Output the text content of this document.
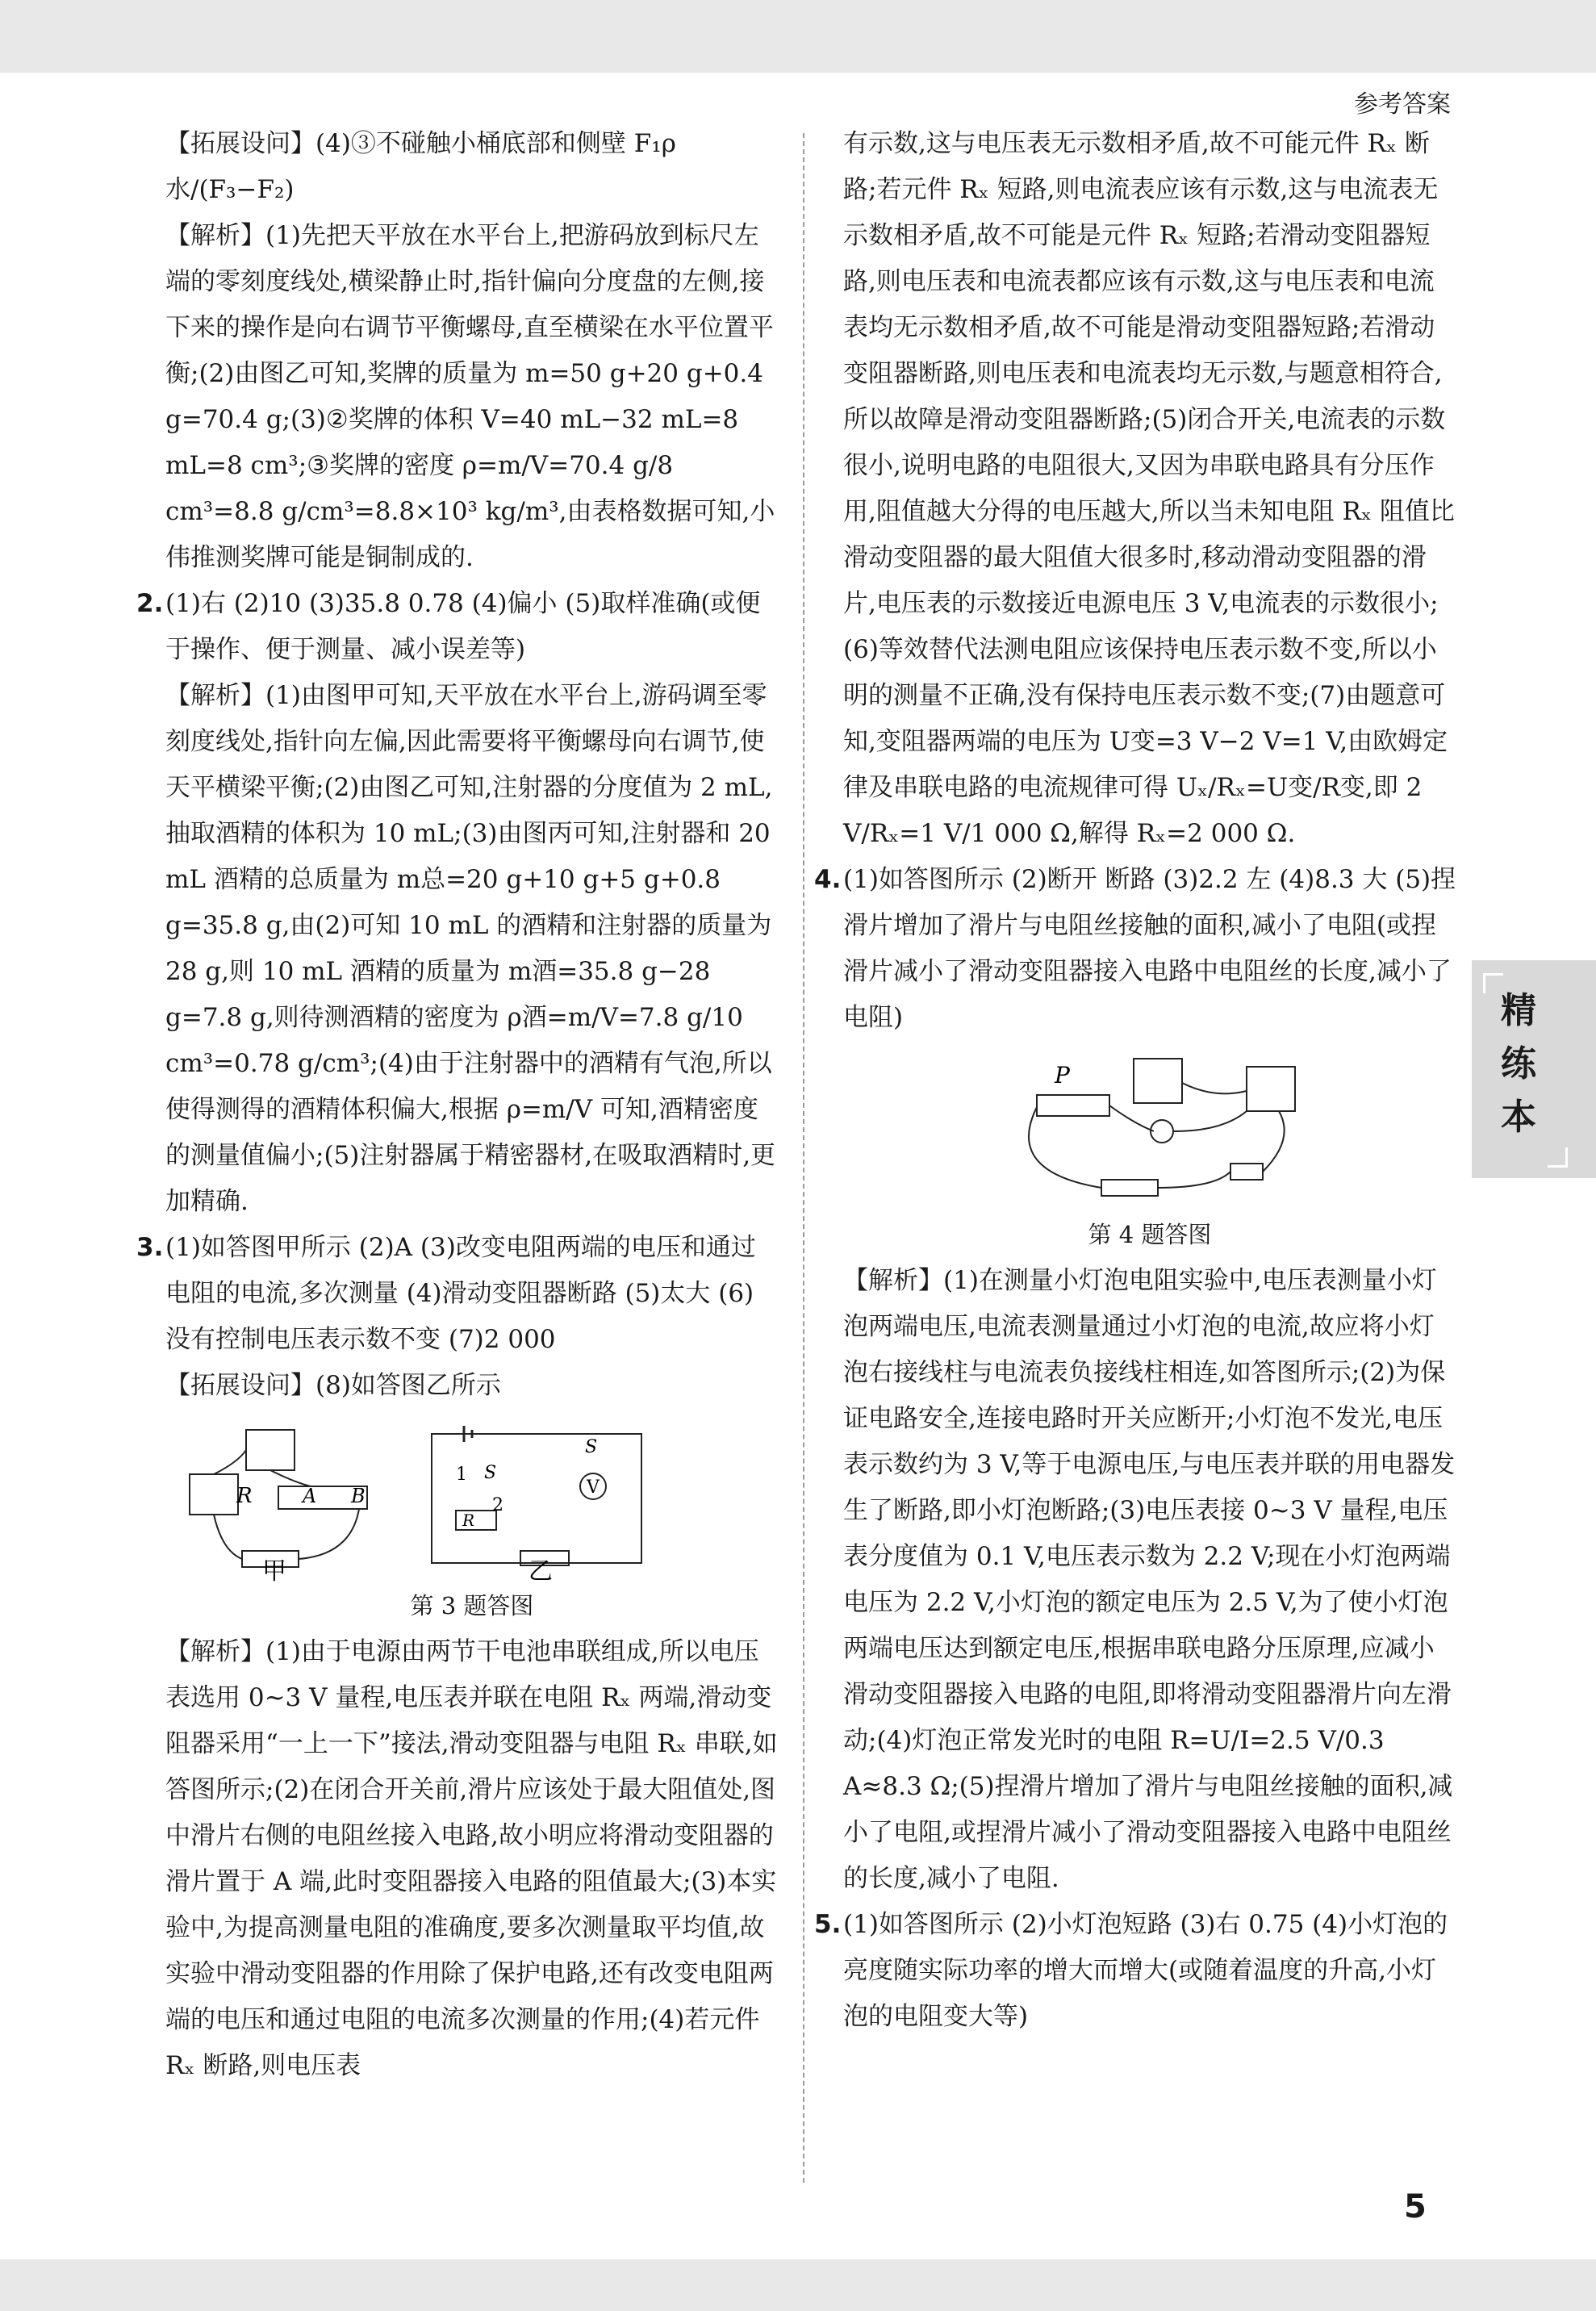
参考答案

【拓展设问】(4)③不碰触小桶底部和侧壁 F₁ρ水/(F₃−F₂)

【解析】(1)先把天平放在水平台上,把游码放到标尺左端的零刻度线处,横梁静止时,指针偏向分度盘的左侧,接下来的操作是向右调节平衡螺母,直至横梁在水平位置平衡;(2)由图乙可知,奖牌的质量为 m=50 g+20 g+0.4 g=70.4 g;(3)②奖牌的体积 V=40 mL−32 mL=8 mL=8 cm³;③奖牌的密度 ρ=m/V=70.4 g/8 cm³=8.8 g/cm³=8.8×10³ kg/m³,由表格数据可知,小伟推测奖牌可能是铜制成的.

2. (1)右 (2)10 (3)35.8 0.78 (4)偏小 (5)取样准确(或便于操作、便于测量、减小误差等)

【解析】(1)由图甲可知,天平放在水平台上,游码调至零刻度线处,指针向左偏,因此需要将平衡螺母向右调节,使天平横梁平衡;(2)由图乙可知,注射器的分度值为 2 mL,抽取酒精的体积为 10 mL;(3)由图丙可知,注射器和 20 mL 酒精的总质量为 m总=20 g+10 g+5 g+0.8 g=35.8 g,由(2)可知 10 mL 的酒精和注射器的质量为 28 g,则 10 mL 酒精的质量为 m酒=35.8 g−28 g=7.8 g,则待测酒精的密度为 ρ酒=m/V=7.8 g/10 cm³=0.78 g/cm³;(4)由于注射器中的酒精有气泡,所以使得测得的酒精体积偏大,根据 ρ=m/V 可知,酒精密度的测量值偏小;(5)注射器属于精密器材,在吸取酒精时,更加精确.

3. (1)如答图甲所示 (2)A (3)改变电阻两端的电压和通过电阻的电流,多次测量 (4)滑动变阻器断路 (5)太大 (6)没有控制电压表示数不变 (7)2 000

【拓展设问】(8)如答图乙所示

R	A B	V
R
S
S
2
1
甲	乙

第 3 题答图

【解析】(1)由于电源由两节干电池串联组成,所以电压表选用 0~3 V 量程,电压表并联在电阻 Rₓ 两端,滑动变阻器采用“一上一下”接法,滑动变阻器与电阻 Rₓ 串联,如答图所示;(2)在闭合开关前,滑片应该处于最大阻值处,图中滑片右侧的电阻丝接入电路,故小明应将滑动变阻器的滑片置于 A 端,此时变阻器接入电路的阻值最大;(3)本实验中,为提高测量电阻的准确度,要多次测量取平均值,故实验中滑动变阻器的作用除了保护电路,还有改变电阻两端的电压和通过电阻的电流多次测量的作用;(4)若元件 Rₓ 断路,则电压表

有示数,这与电压表无示数相矛盾,故不可能元件 Rₓ 断路;若元件 Rₓ 短路,则电流表应该有示数,这与电流表无示数相矛盾,故不可能是元件 Rₓ 短路;若滑动变阻器短路,则电压表和电流表都应该有示数,这与电压表和电流表均无示数相矛盾,故不可能是滑动变阻器短路;若滑动变阻器断路,则电压表和电流表均无示数,与题意相符合,所以故障是滑动变阻器断路;(5)闭合开关,电流表的示数很小,说明电路的电阻很大,又因为串联电路具有分压作用,阻值越大分得的电压越大,所以当未知电阻 Rₓ 阻值比滑动变阻器的最大阻值大很多时,移动滑动变阻器的滑片,电压表的示数接近电源电压 3 V,电流表的示数很小;(6)等效替代法测电阻应该保持电压表示数不变,所以小明的测量不正确,没有保持电压表示数不变;(7)由题意可知,变阻器两端的电压为 U变=3 V−2 V=1 V,由欧姆定律及串联电路的电流规律可得 Uₓ/Rₓ=U变/R变,即 2 V/Rₓ=1 V/1 000 Ω,解得 Rₓ=2 000 Ω.

4. (1)如答图所示 (2)断开 断路 (3)2.2 左 (4)8.3 大 (5)捏滑片增加了滑片与电阻丝接触的面积,减小了电阻(或捏滑片减小了滑动变阻器接入电路中电阻丝的长度,减小了电阻)

P

第 4 题答图

【解析】(1)在测量小灯泡电阻实验中,电压表测量小灯泡两端电压,电流表测量通过小灯泡的电流,故应将小灯泡右接线柱与电流表负接线柱相连,如答图所示;(2)为保证电路安全,连接电路时开关应断开;小灯泡不发光,电压表示数约为 3 V,等于电源电压,与电压表并联的用电器发生了断路,即小灯泡断路;(3)电压表接 0~3 V 量程,电压表分度值为 0.1 V,电压表示数为 2.2 V;现在小灯泡两端电压为 2.2 V,小灯泡的额定电压为 2.5 V,为了使小灯泡两端电压达到额定电压,根据串联电路分压原理,应减小滑动变阻器接入电路的电阻,即将滑动变阻器滑片向左滑动;(4)灯泡正常发光时的电阻 R=U/I=2.5 V/0.3 A≈8.3 Ω;(5)捏滑片增加了滑片与电阻丝接触的面积,减小了电阻,或捏滑片减小了滑动变阻器接入电路中电阻丝的长度,减小了电阻.

5. (1)如答图所示 (2)小灯泡短路 (3)右 0.75 (4)小灯泡的亮度随实际功率的增大而增大(或随着温度的升高,小灯泡的电阻变大等)

精练本
5
